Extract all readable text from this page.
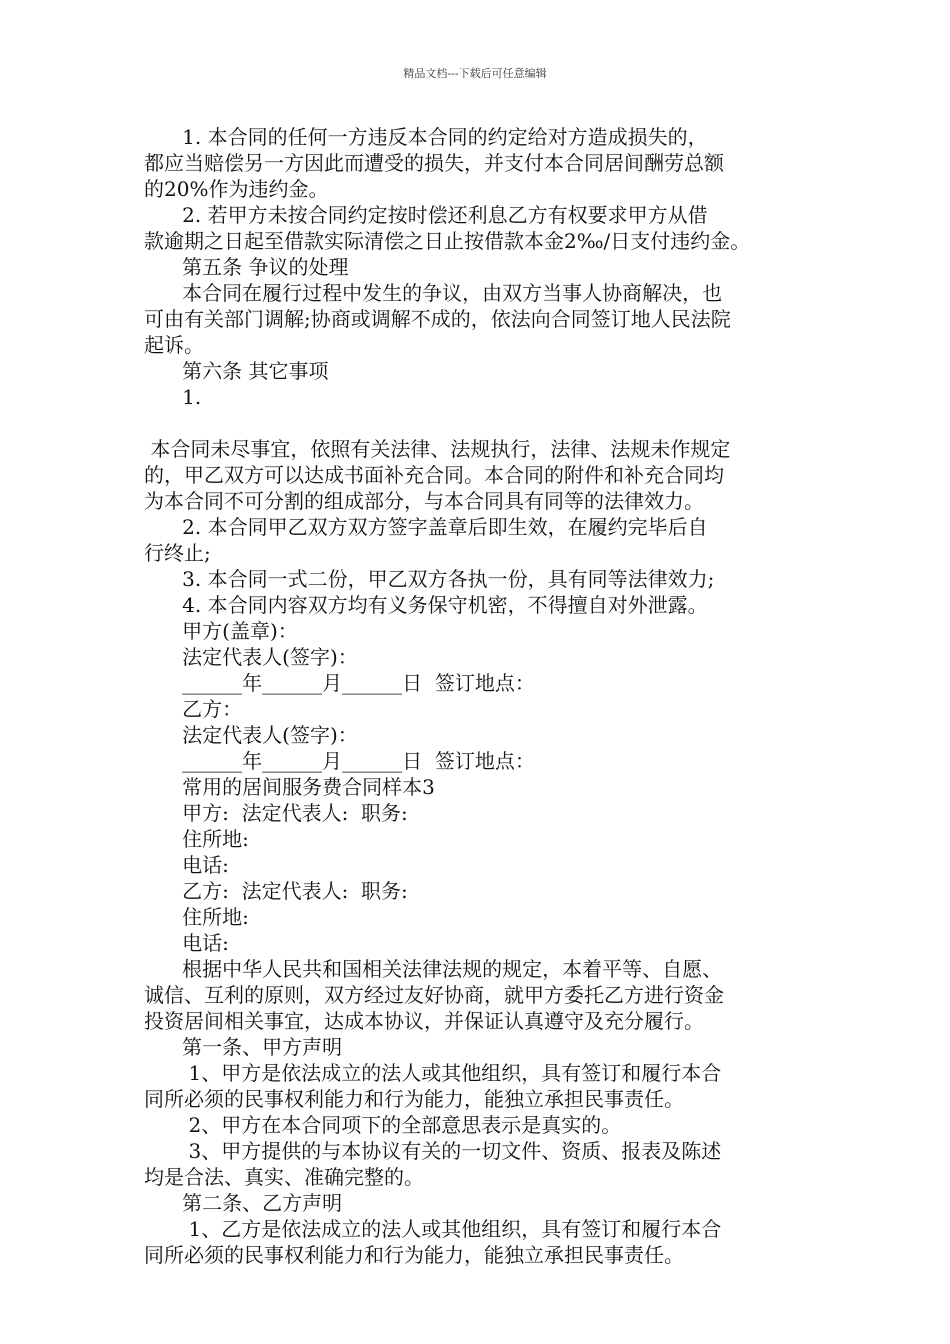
精品文档---下载后可任意编辑
1. 本合同的任何一方违反本合同的约定给对方造成损失的，
都应当赔偿另一方因此而遭受的损失，并支付本合同居间酬劳总额
的20%作为违约金。
2. 若甲方未按合同约定按时偿还利息乙方有权要求甲方从借
款逾期之日起至借款实际清偿之日止按借款本金2‰/日支付违约金。
第五条 争议的处理
本合同在履行过程中发生的争议，由双方当事人协商解决，也
可由有关部门调解;协商或调解不成的，依法向合同签订地人民法院
起诉。
第六条 其它事项
1.
本合同未尽事宜，依照有关法律、法规执行，法律、法规未作规定
的，甲乙双方可以达成书面补充合同。本合同的附件和补充合同均
为本合同不可分割的组成部分，与本合同具有同等的法律效力。
2. 本合同甲乙双方双方签字盖章后即生效，在履约完毕后自
行终止;
3. 本合同一式二份，甲乙双方各执一份，具有同等法律效力;
4. 本合同内容双方均有义务保守机密，不得擅自对外泄露。
甲方(盖章)：
法定代表人(签字)：
______年______月______日  签订地点：
乙方：
法定代表人(签字)：
______年______月______日  签订地点：
常用的居间服务费合同样本3
甲方:  法定代表人:  职务:
住所地:
电话:
乙方:  法定代表人:  职务:
住所地:
电话:
根据中华人民共和国相关法律法规的规定，本着平等、自愿、
诚信、互利的原则，双方经过友好协商，就甲方委托乙方进行资金
投资居间相关事宜，达成本协议，并保证认真遵守及充分履行。
第一条、甲方声明
1、甲方是依法成立的法人或其他组织，具有签订和履行本合
同所必须的民事权利能力和行为能力，能独立承担民事责任。
2、甲方在本合同项下的全部意思表示是真实的。
3、甲方提供的与本协议有关的一切文件、资质、报表及陈述
均是合法、真实、准确完整的。
第二条、乙方声明
1、乙方是依法成立的法人或其他组织，具有签订和履行本合
同所必须的民事权利能力和行为能力，能独立承担民事责任。
